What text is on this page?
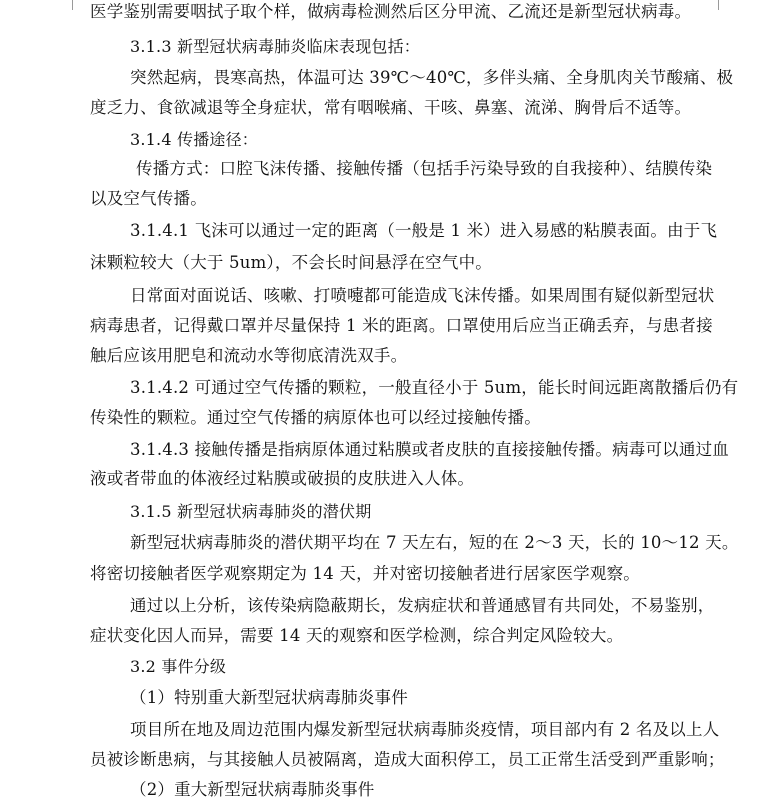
医学鉴别需要咽拭子取个样，做病毒检测然后区分甲流、乙流还是新型冠状病毒。
3.1.3 新型冠状病毒肺炎临床表现包括：
突然起病，畏寒高热，体温可达 39℃～40℃，多伴头痛、全身肌肉关节酸痛、极
度乏力、食欲减退等全身症状，常有咽喉痛、干咳、鼻塞、流涕、胸骨后不适等。
3.1.4 传播途径：
传播方式：口腔飞沫传播、接触传播（包括手污染导致的自我接种）、结膜传染
以及空气传播。
3.1.4.1 飞沫可以通过一定的距离（一般是 1 米）进入易感的粘膜表面。由于飞
沫颗粒较大（大于 5um），不会长时间悬浮在空气中。
日常面对面说话、咳嗽、打喷嚏都可能造成飞沫传播。如果周围有疑似新型冠状
病毒患者，记得戴口罩并尽量保持 1 米的距离。口罩使用后应当正确丢弃，与患者接
触后应该用肥皂和流动水等彻底清洗双手。
3.1.4.2 可通过空气传播的颗粒，一般直径小于 5um，能长时间远距离散播后仍有
传染性的颗粒。通过空气传播的病原体也可以经过接触传播。
3.1.4.3 接触传播是指病原体通过粘膜或者皮肤的直接接触传播。病毒可以通过血
液或者带血的体液经过粘膜或破损的皮肤进入人体。
3.1.5 新型冠状病毒肺炎的潜伏期
新型冠状病毒肺炎的潜伏期平均在 7 天左右，短的在 2～3 天，长的 10～12 天。
将密切接触者医学观察期定为 14 天，并对密切接触者进行居家医学观察。
通过以上分析，该传染病隐蔽期长，发病症状和普通感冒有共同处，不易鉴别，
症状变化因人而异，需要 14 天的观察和医学检测，综合判定风险较大。
3.2 事件分级
（1）特别重大新型冠状病毒肺炎事件
项目所在地及周边范围内爆发新型冠状病毒肺炎疫情，项目部内有 2 名及以上人
员被诊断患病，与其接触人员被隔离，造成大面积停工，员工正常生活受到严重影响；
（2）重大新型冠状病毒肺炎事件
